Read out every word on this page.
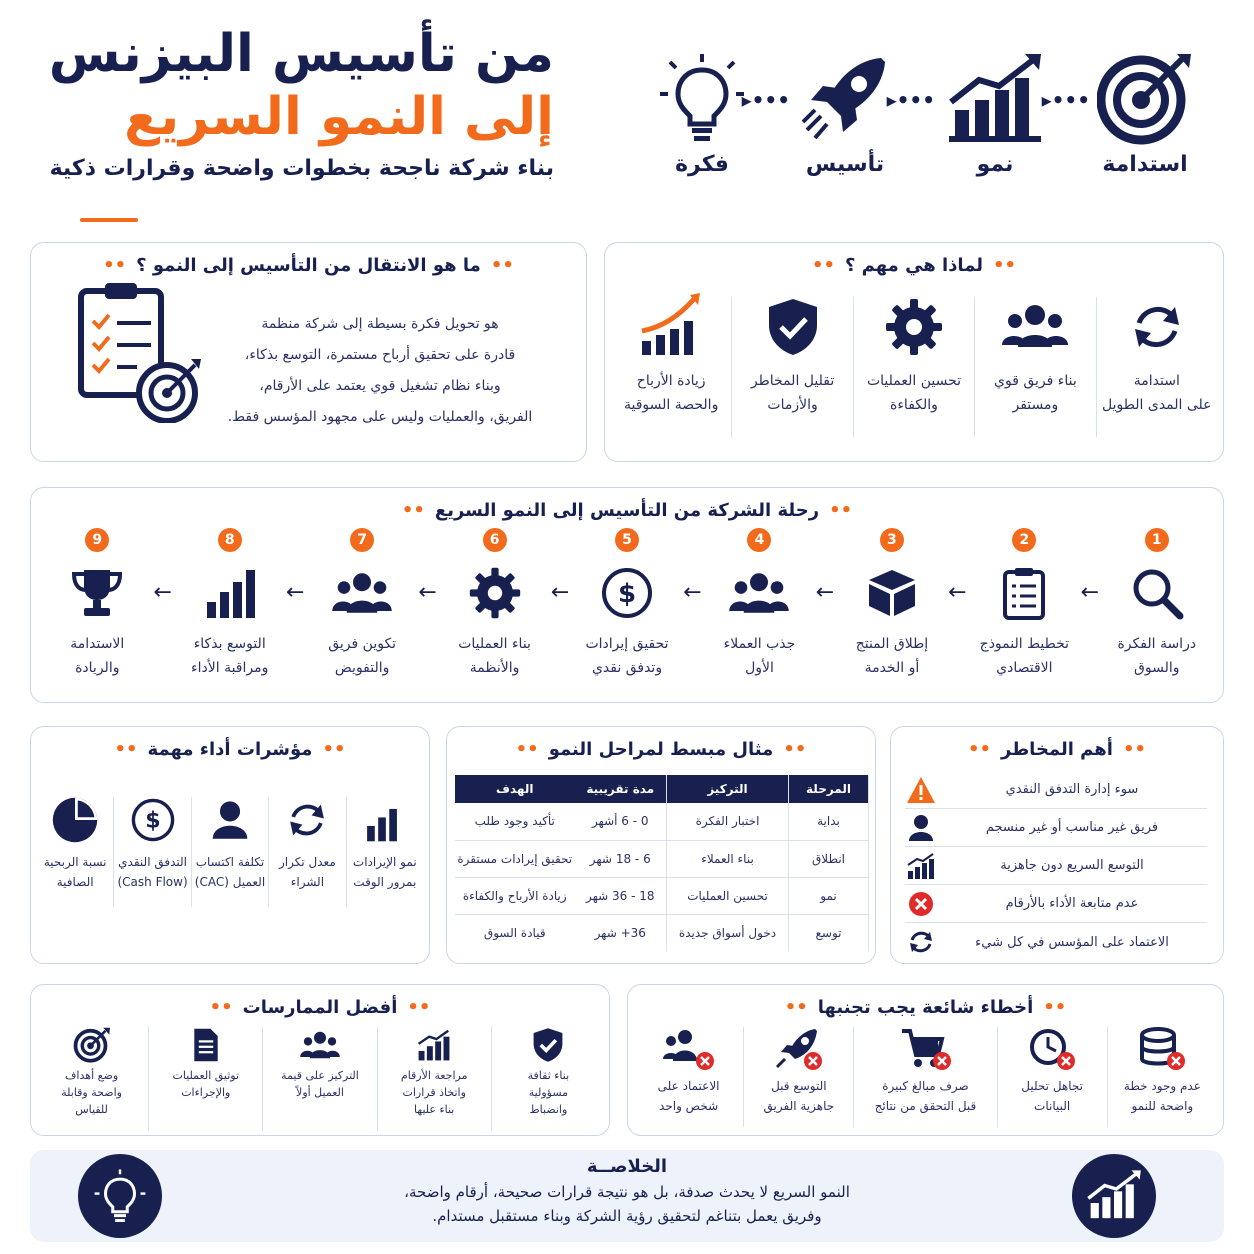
من تأسيس البيزنس
إلى النمو السريع
بناء شركة ناجحة بخطوات واضحة وقرارات ذكية	استدامة
•••▸
نمو
•••▸
تأسيس
•••▸
فكرة
••ما هو الانتقال من التأسيس إلى النمو ؟••
هو تحويل فكرة بسيطة إلى شركة منظمة
قادرة على تحقيق أرباح مستمرة، التوسع بذكاء،
وبناء نظام تشغيل قوي يعتمد على الأرقام،
الفريق، والعمليات وليس على مجهود المؤسس فقط.
••لماذا هي مهم ؟••
استدامة
على المدى الطويل
بناء فريق قوي
ومستقر
تحسين العمليات
والكفاءة
تقليل المخاطر
والأزمات
زيادة الأرباح
والحصة السوقية
••رحلة الشركة من التأسيس إلى النمو السريع••
1
دراسة الفكرة
والسوق
←
2
تخطيط النموذج
الاقتصادي
←
3
إطلاق المنتج
أو الخدمة
←
4
جذب العملاء
الأول
←
5
$
تحقيق إيرادات
وتدفق نقدي
←
6
بناء العمليات
والأنظمة
←
7
تكوين فريق
والتفويض
←
8
التوسع بذكاء
ومراقبة الأداء
←
9
الاستدامة
والريادة
••أهم المخاطر••
سوء إدارة التدفق النقدي
فريق غير مناسب أو غير منسجم
التوسع السريع دون جاهزية
عدم متابعة الأداء بالأرقام
الاعتماد على المؤسس في كل شيء
••مثال مبسط لمراحل النمو••
المرحلة	التركيز	مدة تقريبية	الهدف
بداية	اختبار الفكرة	0 - 6 أشهر	تأكيد وجود طلب
انطلاق	بناء العملاء	6 - 18 شهر	تحقيق إيرادات مستقرة
نمو	تحسين العمليات	18 - 36 شهر	زيادة الأرباح والكفاءة
توسع	دخول أسواق جديدة	36+ شهر	قيادة السوق
••مؤشرات أداء مهمة••
نمو الإيرادات
بمرور الوقت
معدل تكرار
الشراء
تكلفة اكتساب
العميل (CAC)
$
التدفق النقدي
(Cash Flow)
نسبة الربحية
الصافية
••أخطاء شائعة يجب تجنبها••
عدم وجود خطة
واضحة للنمو
تجاهل تحليل
البيانات
صرف مبالغ كبيرة
قبل التحقق من نتائج
التوسع قبل
جاهزية الفريق
الاعتماد على
شخص واحد
••أفضل الممارسات••
بناء ثقافة
مسؤولية
وانضباط
مراجعة الأرقام
واتخاذ قرارات
بناء عليها
التركيز على قيمة
العميل أولاً
توثيق العمليات
والإجراءات
وضع أهداف
واضحة وقابلة
للقياس
الخلاصــة
النمو السريع لا يحدث صدفة، بل هو نتيجة قرارات صحيحة، أرقام واضحة،
وفريق يعمل بتناغم لتحقيق رؤية الشركة وبناء مستقبل مستدام.
